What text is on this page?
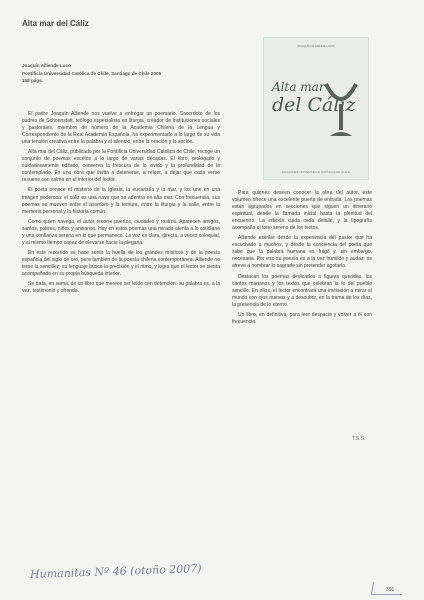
Alta mar del Cáliz
Joaquín Alliende Luco
Pontificia Universidad Católica de Chile, Santiago de Chile 2005
158 págs.
JOAQUÍN ALLIENDE LUCO
Alta mar
del Cáliz
EDICIONES UNIVERSIDAD CATÓLICA DE CHILE

El padre Joaquín Alliende nos vuelve a entregar un poemario. Sacerdote de los padres de Schoenstatt, teólogo especialista en liturgia, creador de instituciones sociales y pastorales, miembro de número de la Academia Chilena de la Lengua y Correspondiente de la Real Academia Española, ha experimentado a lo largo de su vida una tensión creativa entre la palabra y el silencio, entre la oración y la acción.

Alta mar del Cáliz, publicado por la Pontificia Universidad Católica de Chile, recoge un conjunto de poemas escritos a lo largo de varias décadas. El libro, prologado y cuidadosamente editado, conserva la frescura de lo vivido y la profundidad de lo contemplado. Es una obra que invita a detenerse, a releer, a dejar que cada verso resuene con calma en el interior del lector.

El poeta conoce el misterio de la Iglesia, la eucaristía y la mar, y los une en una imagen poderosa: el cáliz es una nave que se adentra en alta mar. Con frecuencia, sus poemas se mueven entre el asombro y la ternura, entre la liturgia y la calle, entre la memoria personal y la historia común.

Como quien navega, el autor recorre puertos, ciudades y rostros. Aparecen amigos, santos, pobres, niños y ancianos. Hay en estos poemas una mirada atenta a lo cotidiano y una confianza serena en lo que permanece. La voz es clara, directa, a veces coloquial, y al mismo tiempo capaz de elevarse hacia la plegaria.

En este recorrido se hace sentir la huella de los grandes místicos y de la poesía española del siglo de oro, pero también de la poesía chilena contemporánea. Alliende no teme la sencillez; su lenguaje busca la precisión y el ritmo, y logra que el lector se sienta acompañado en su propia búsqueda interior.

Se trata, en suma, de un libro que merece ser leído con detención: su palabra es, a la vez, testimonio y ofrenda.

Para quienes deseen conocer la obra del autor, este volumen ofrece una excelente puerta de entrada. Los poemas están agrupados en secciones que siguen un itinerario espiritual, desde la llamada inicial hasta la plenitud del encuentro. La edición cuida cada detalle, y la tipografía acompaña el tono sereno de los textos.

Alliende escribe desde la experiencia del pastor que ha escuchado a muchos, y desde la conciencia del poeta que sabe que la palabra humana es frágil y, sin embargo, necesaria. Por eso su poesía es a la vez humilde y audaz: se atreve a nombrar lo sagrado sin pretender agotarlo.

Destacan los poemas dedicados a figuras queridas, los cantos marianos y los textos que celebran la fe del pueblo sencillo. En ellos, el lector encontrará una invitación a mirar el mundo con ojos nuevos y a descubrir, en la trama de los días, la presencia de lo eterno.

Un libro, en definitiva, para leer despacio y volver a él con frecuencia.

T.S.S.
Humanitas Nº 46 (otoño 2007)
391
